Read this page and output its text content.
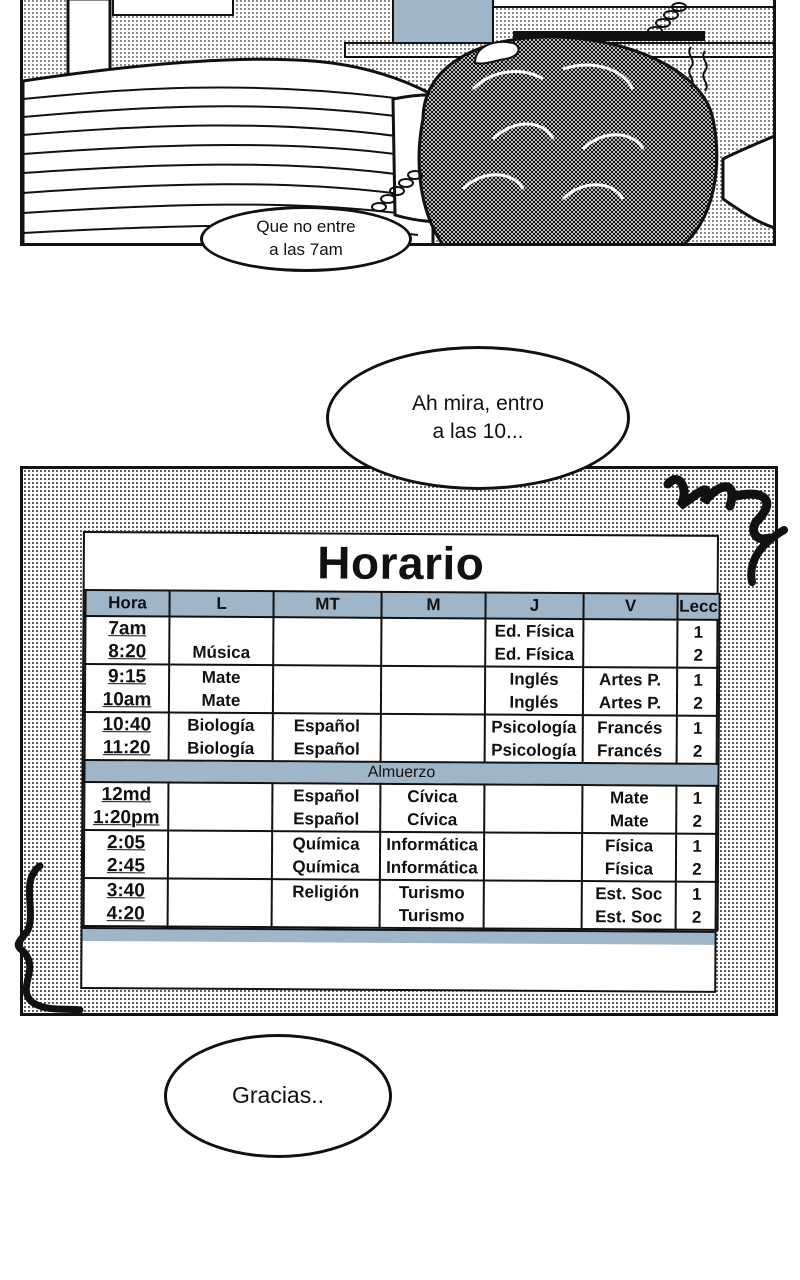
Que no entre
a las 7am
Ah mira, entro
a las 10...
Horario
Hora	L	MT	M	J	V	Lecc
7am				Ed. Física		1
8:20	Música			Ed. Física		2
9:15	Mate			Inglés	Artes P.	1
10am	Mate			Inglés	Artes P.	2
10:40	Biología	Español		Psicología	Francés	1
11:20	Biología	Español		Psicología	Francés	2
Almuerzo						
12md		Español	Cívica		Mate	1
1:20pm		Español	Cívica		Mate	2
2:05		Química	Informática		Física	1
2:45		Química	Informática		Física	2
3:40		Religión	Turismo		Est. Soc	1
4:20			Turismo		Est. Soc	2
Gracias..
